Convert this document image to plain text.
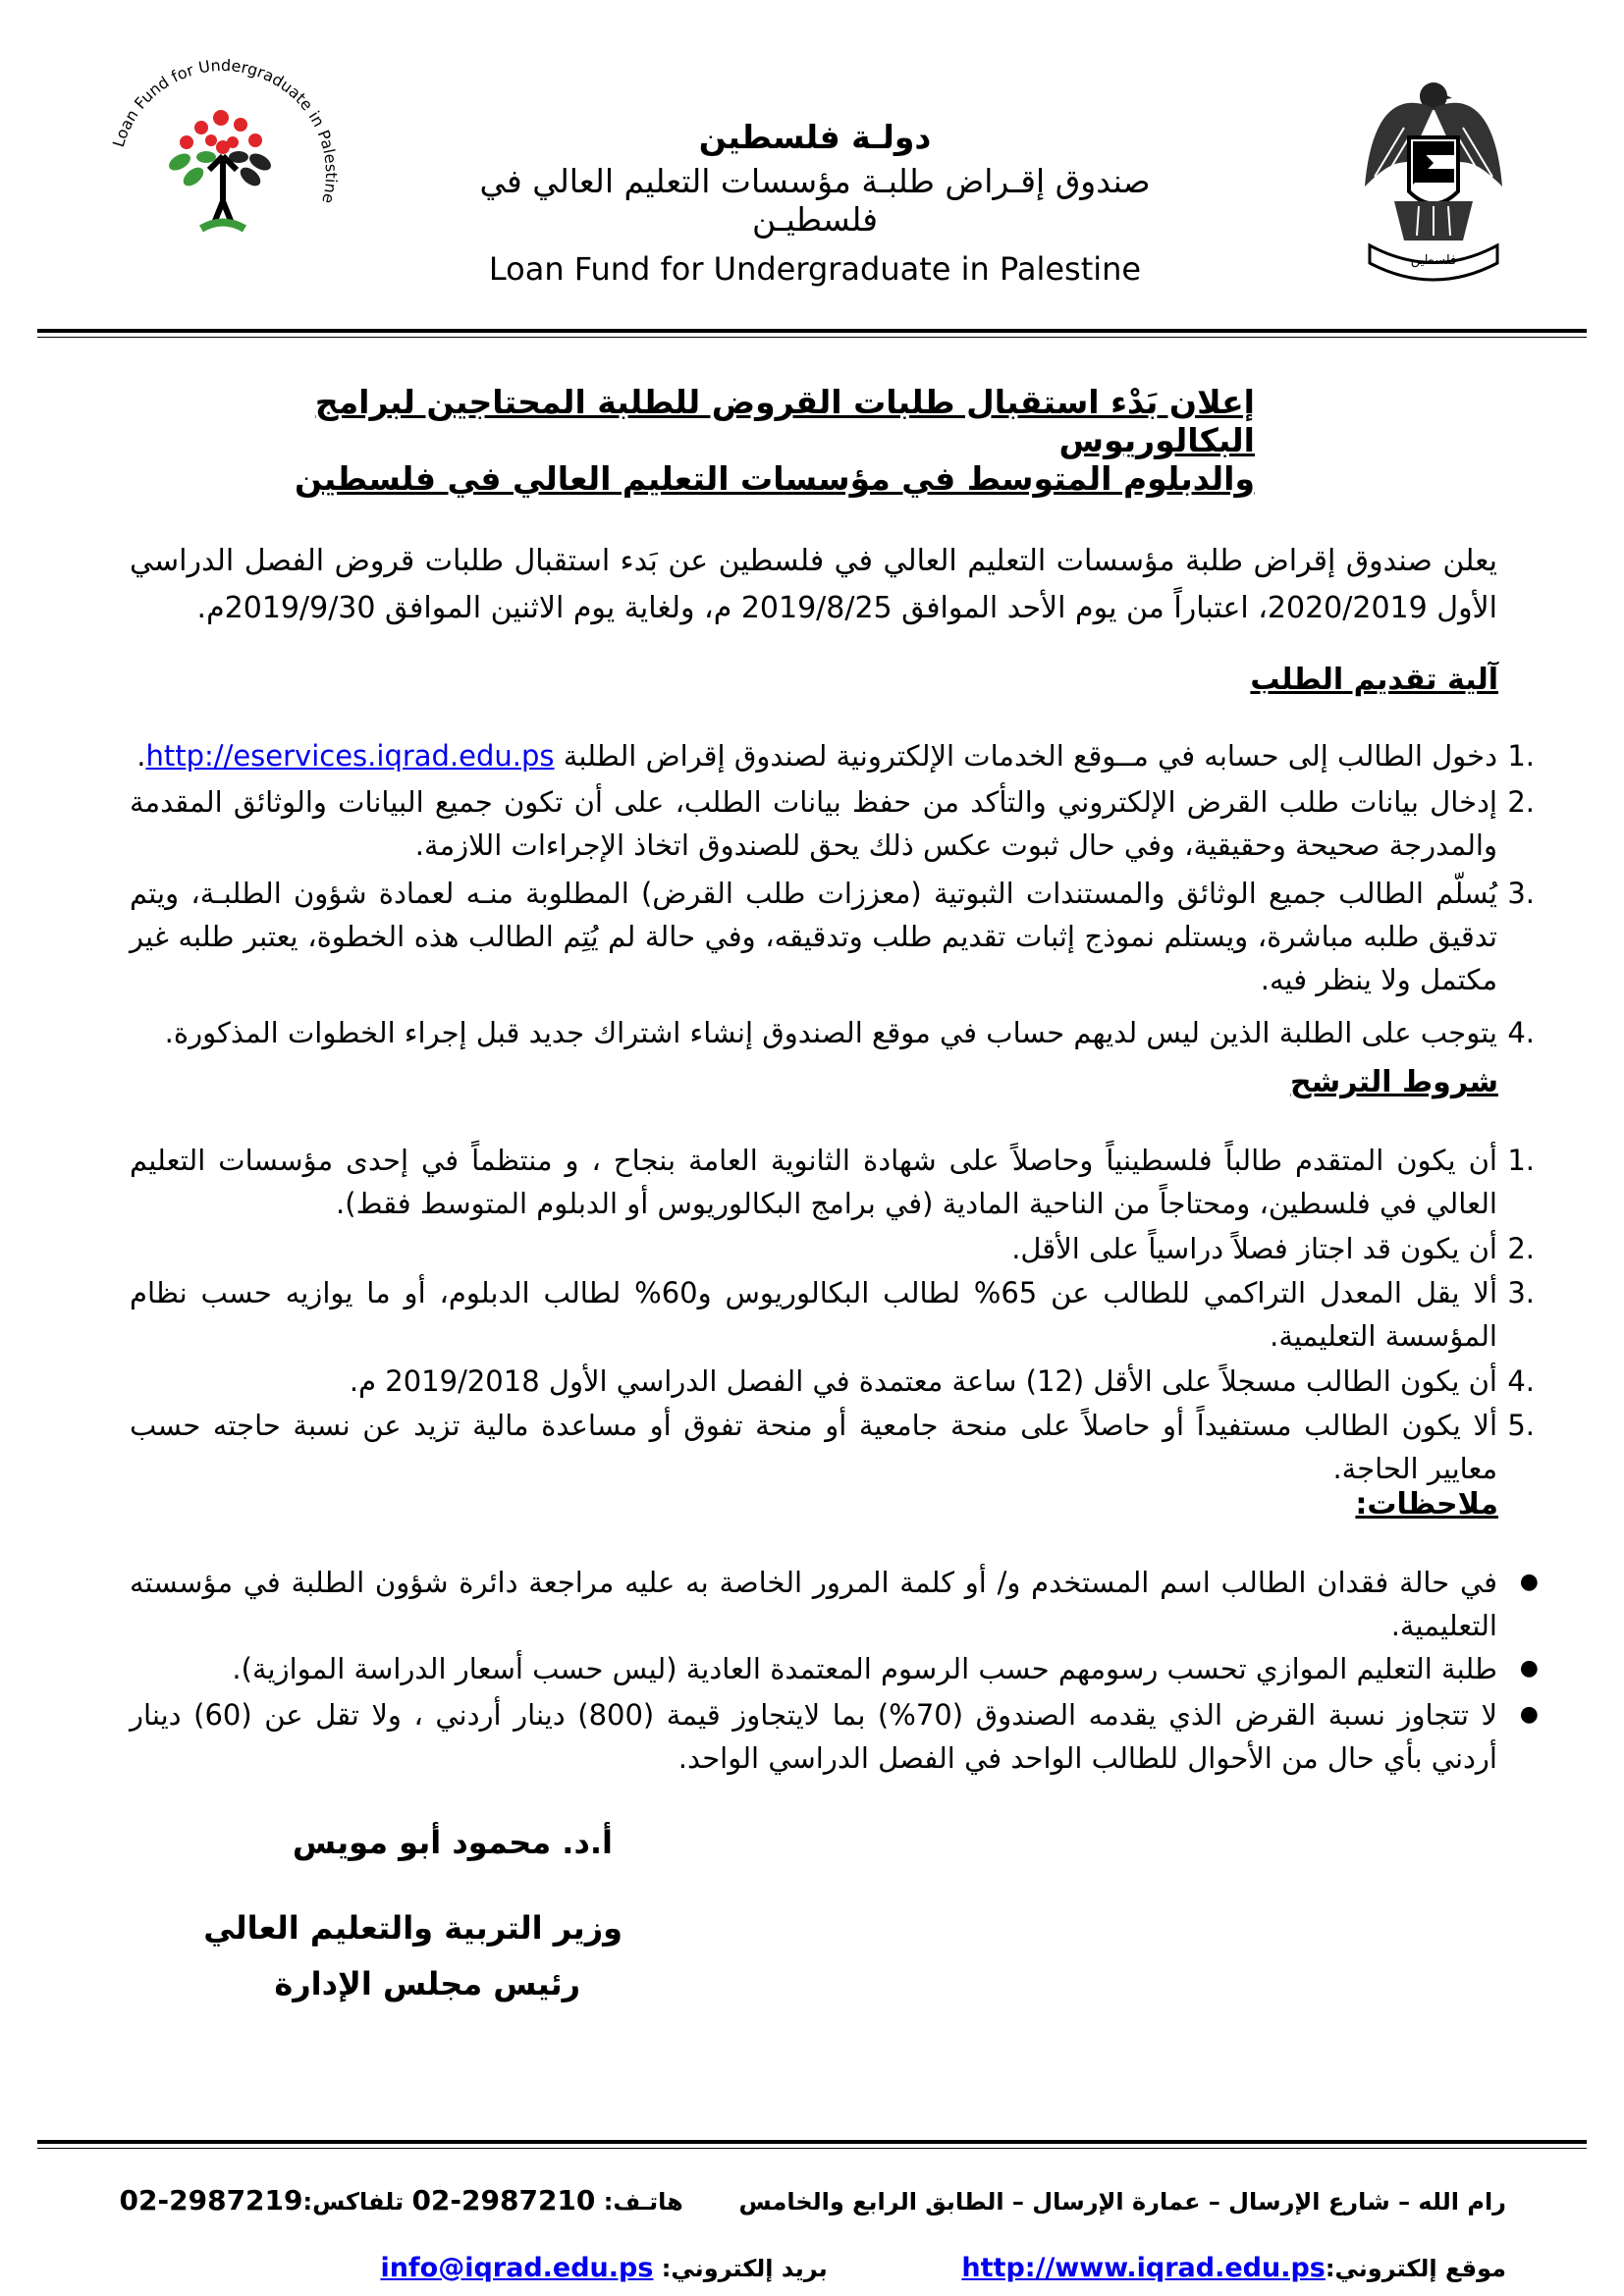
فلسطين
Loan Fund for Undergraduate in Palestine
دولـة فلسطين
صندوق إقـراض طلبـة مؤسسات التعليم العالي في فلسطيـن
Loan Fund for Undergraduate in Palestine
إعلان بَدْء استقبال طلبات القروض للطلبة المحتاجين لبرامج البكالوريوس
والدبلوم المتوسط في مؤسسات التعليم العالي في فلسطين
يعلن صندوق إقراض طلبة مؤسسات التعليم العالي في فلسطين عن بَدء استقبال طلبات قروض الفصل الدراسي الأول 2020/2019، اعتباراً من يوم الأحد الموافق 2019/8/25 م، ولغاية يوم الاثنين الموافق 2019/9/30م.
آلية تقديم الطلب
1.
دخول الطالب إلى حسابه في مــوقع الخدمات الإلكترونية لصندوق إقراض الطلبة http://eservices.iqrad.edu.ps.
2.
إدخال بيانات طلب القرض الإلكتروني والتأكد من حفظ بيانات الطلب، على أن تكون جميع البيانات والوثائق المقدمة والمدرجة صحيحة وحقيقية، وفي حال ثبوت عكس ذلك يحق للصندوق اتخاذ الإجراءات اللازمة.
3.
يُسلّم الطالب جميع الوثائق والمستندات الثبوتية (معززات طلب القرض) المطلوبة منـه لعمادة شؤون الطلبـة، ويتم تدقيق طلبه مباشرة، ويستلم نموذج إثبات تقديم طلب وتدقيقه، وفي حالة لم يُتِم الطالب هذه الخطوة، يعتبر طلبه غير مكتمل ولا ينظر فيه.
4.
يتوجب على الطلبة الذين ليس لديهم حساب في موقع الصندوق إنشاء اشتراك جديد قبل إجراء الخطوات المذكورة.
شروط الترشح
1.
أن يكون المتقدم طالباً فلسطينياً وحاصلاً على شهادة الثانوية العامة بنجاح ، و منتظماً في إحدى مؤسسات التعليم العالي في فلسطين، ومحتاجاً من الناحية المادية (في برامج البكالوريوس أو الدبلوم المتوسط فقط).
2.
أن يكون قد اجتاز فصلاً دراسياً على الأقل.
3.
ألا يقل المعدل التراكمي للطالب عن 65% لطالب البكالوريوس و60% لطالب الدبلوم، أو ما يوازيه حسب نظام المؤسسة التعليمية.
4.
أن يكون الطالب مسجلاً على الأقل (12) ساعة معتمدة في الفصل الدراسي الأول 2019/2018 م.
5.
ألا يكون الطالب مستفيداً أو حاصلاً على منحة جامعية أو منحة تفوق أو مساعدة مالية تزيد عن نسبة حاجته حسب معايير الحاجة.
ملاحظات:
●
في حالة فقدان الطالب اسم المستخدم و/ أو كلمة المرور الخاصة به عليه مراجعة دائرة شؤون الطلبة في مؤسسته التعليمية.
●
طلبة التعليم الموازي تحسب رسومهم حسب الرسوم المعتمدة العادية (ليس حسب أسعار الدراسة الموازية).
●
لا تتجاوز نسبة القرض الذي يقدمه الصندوق (70%) بما لايتجاوز قيمة (800) دينار أردني ، ولا تقل عن (60) دينار أردني بأي حال من الأحوال للطالب الواحد في الفصل الدراسي الواحد.
أ.د. محمود أبو مويس
وزير التربية والتعليم العالي
رئيس مجلس الإدارة
رام الله – شارع الإرسال – عمارة الإرسال – الطابق الرابع والخامس  هاتـف: 02-2987210 تلفاكس:02-2987219
موقع إلكتروني:http://www.iqrad.edu.ps  بريد إلكتروني: info@iqrad.edu.ps
